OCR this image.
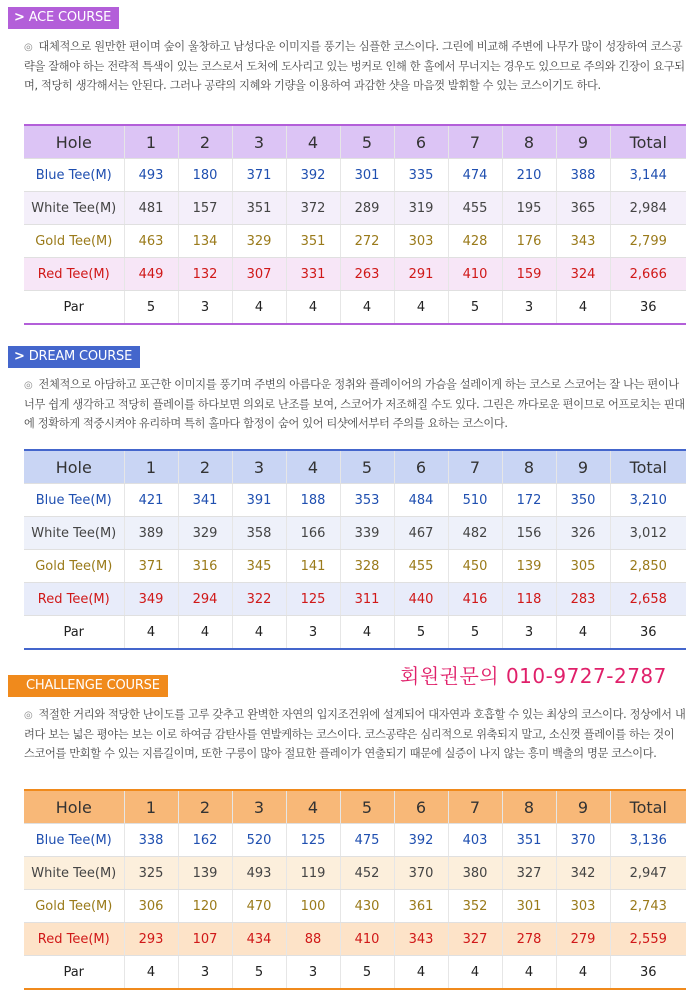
> ACE COURSE
◎ 대체적으로 원만한 편이며 숲이 울창하고 남성다운 이미지를 풍기는 심플한 코스이다. 그린에 비교해 주변에 나무가 많이 성장하여 코스공략을 잘해야 하는 전략적 특색이 있는 코스로서 도처에 도사리고 있는 벙커로 인해 한 홀에서 무너지는 경우도 있으므로 주의와 긴장이 요구되며, 적당히 생각해서는 안된다. 그러나 공략의 지혜와 기량을 이용하여 과감한 샷을 마음껏 발휘할 수 있는 코스이기도 하다.
Hole	1	2	3	4	5	6	7	8	9	Total
Blue Tee(M)	493	180	371	392	301	335	474	210	388	3,144
White Tee(M)	481	157	351	372	289	319	455	195	365	2,984
Gold Tee(M)	463	134	329	351	272	303	428	176	343	2,799
Red Tee(M)	449	132	307	331	263	291	410	159	324	2,666
Par	5	3	4	4	4	4	5	3	4	36
> DREAM COURSE
◎ 전체적으로 아담하고 포근한 이미지를 풍기며 주변의 아름다운 정취와 플레이어의 가슴을 설레이게 하는 코스로 스코어는 잘 나는 편이나 너무 쉽게 생각하고 적당히 플레이를 하다보면 의외로 난조를 보여, 스코어가 저조해질 수도 있다. 그린은 까다로운 편이므로 어프로치는 핀대에 정확하게 적중시켜야 유리하며 특히 홀마다 함정이 숨어 있어 티샷에서부터 주의를 요하는 코스이다.
Hole	1	2	3	4	5	6	7	8	9	Total
Blue Tee(M)	421	341	391	188	353	484	510	172	350	3,210
White Tee(M)	389	329	358	166	339	467	482	156	326	3,012
Gold Tee(M)	371	316	345	141	328	455	450	139	305	2,850
Red Tee(M)	349	294	322	125	311	440	416	118	283	2,658
Par	4	4	4	3	4	5	5	3	4	36
회원권문의 010-9727-2787
CHALLENGE COURSE
◎ 적절한 거리와 적당한 난이도를 고루 갖추고 완벽한 자연의 입지조건위에 설계되어 대자연과 호흡할 수 있는 최상의 코스이다. 정상에서 내려다 보는 넓은 평야는 보는 이로 하여금 감탄사를 연발케하는 코스이다. 코스공략은 심리적으로 위축되지 말고, 소신껏 플레이를 하는 것이 스코어를 만회할 수 있는 지름길이며, 또한 구릉이 많아 절묘한 플레이가 연출되기 때문에 실증이 나지 않는 흥미 백출의 명문 코스이다.
Hole	1	2	3	4	5	6	7	8	9	Total
Blue Tee(M)	338	162	520	125	475	392	403	351	370	3,136
White Tee(M)	325	139	493	119	452	370	380	327	342	2,947
Gold Tee(M)	306	120	470	100	430	361	352	301	303	2,743
Red Tee(M)	293	107	434	88	410	343	327	278	279	2,559
Par	4	3	5	3	5	4	4	4	4	36
